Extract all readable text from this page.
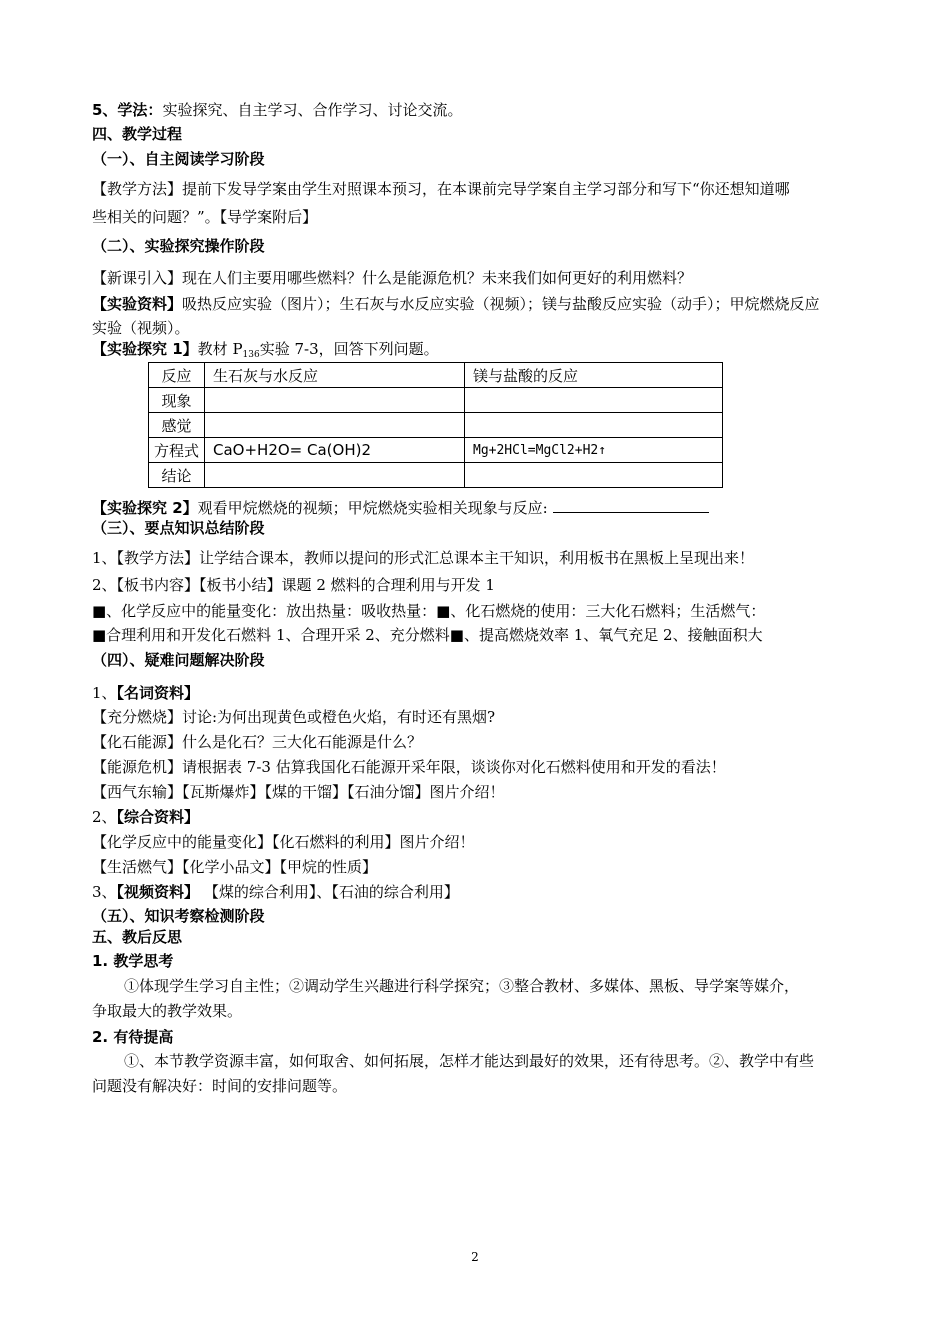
5、学法：实验探究、自主学习、合作学习、讨论交流。
四、教学过程
（一）、自主阅读学习阶段
【教学方法】提前下发导学案由学生对照课本预习，在本课前完导学案自主学习部分和写下“你还想知道哪
些相关的问题？”。【导学案附后】
（二）、实验探究操作阶段
【新课引入】现在人们主要用哪些燃料？什么是能源危机？未来我们如何更好的利用燃料？
【实验资料】吸热反应实验（图片）；生石灰与水反应实验（视频）；镁与盐酸反应实验（动手）；甲烷燃烧反应
实验（视频）。
【实验探究 1】教材 $P_{136}$实验 7-3，回答下列问题。
反应	生石灰与水反应	镁与盐酸的反应
现象		
感觉		
方程式	CaO+H2O= Ca(OH)2	Mg+2HCl=MgCl2+H2↑
结论		
【实验探究 2】观看甲烷燃烧的视频；甲烷燃烧实验相关现象与反应:
（三）、要点知识总结阶段
1、【教学方法】让学结合课本，教师以提问的形式汇总课本主干知识，利用板书在黑板上呈现出来！
2、【板书内容】【板书小结】课题 2 燃料的合理利用与开发 1
■、化学反应中的能量变化：放出热量：吸收热量：■、化石燃烧的使用：三大化石燃料；生活燃气：
■合理利用和开发化石燃料 1、合理开采 2、充分燃料■、提高燃烧效率 1、氧气充足 2、接触面积大
（四）、疑难问题解决阶段
1、【名词资料】
【充分燃烧】讨论:为何出现黄色或橙色火焰，有时还有黑烟?
【化石能源】什么是化石？三大化石能源是什么？
【能源危机】请根据表 7-3 估算我国化石能源开采年限，谈谈你对化石燃料使用和开发的看法！
【西气东输】【瓦斯爆炸】【煤的干馏】【石油分馏】图片介绍！
2、【综合资料】
【化学反应中的能量变化】【化石燃料的利用】图片介绍！
【生活燃气】【化学小品文】【甲烷的性质】
3、【视频资料】 【煤的综合利用】、【石油的综合利用】
（五）、知识考察检测阶段
五、教后反思
1. 教学思考
①体现学生学习自主性；②调动学生兴趣进行科学探究；③整合教材、多媒体、黑板、导学案等媒介，
争取最大的教学效果。
2. 有待提高
①、本节教学资源丰富，如何取舍、如何拓展，怎样才能达到最好的效果，还有待思考。②、教学中有些
问题没有解决好：时间的安排问题等。
2
